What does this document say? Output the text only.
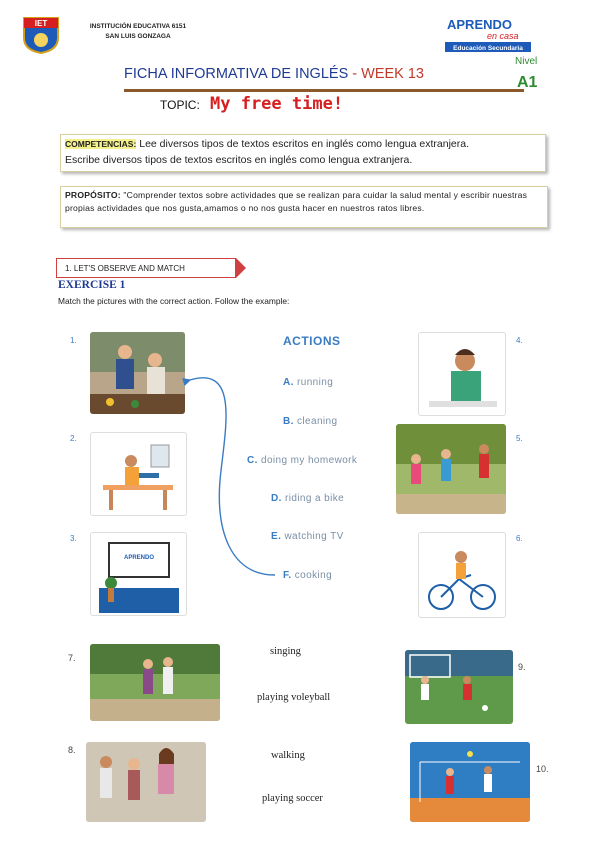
IET	INSTITUCIÓN EDUCATIVA 6151
SAN LUIS GONZAGA
APRENDO
en casa
Educación Secundaria
FICHA INFORMATIVA DE INGLÉS - WEEK 13
Nivel
A1
TOPIC: My free time!
COMPETENCIAS: Lee diversos tipos de textos escritos en inglés como lengua extranjera.
Escribe diversos tipos de textos escritos en inglés como lengua extranjera.
PROPÓSITO: "Comprender textos sobre actividades que se realizan para cuidar la salud mental y escribir nuestras propias actividades que nos gusta,amamos o no nos gusta hacer en nuestros ratos libres.
1. LET'S OBSERVE AND MATCH
EXERCISE 1
Match the pictures with the correct action. Follow the example:
1.
2.
3.
4.
5.
6.
APRENDO
ACTIONS
A. running
B. cleaning
C. doing my homework
D. riding a bike
E. watching TV
F. cooking
7.
singing
playing voleyball
walking
playing soccer
9.
8.
10.
